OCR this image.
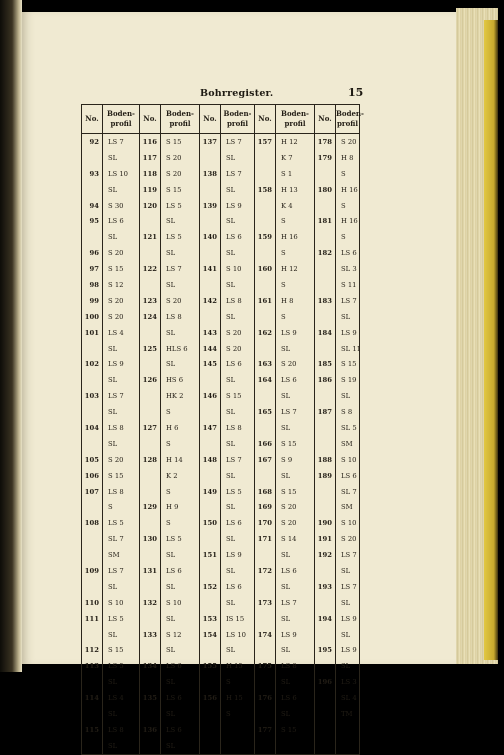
Bohrregister.	15
No.	Boden-profil	No.	Boden-profil	No.	Boden-profil	No.	Boden-profil	No.	Boden-profil
92	LS 7	116	S 15	137	LS 7	157	H 12	178	S 20
	SL	117	S 20		SL		K 7	179	H 8
93	LS 10	118	S 20	138	LS 7		S 1		S
	SL	119	S 15		SL	158	H 13	180	H 16
94	S 30	120	LS 5	139	LS 9		K 4		S
95	LS 6		SL		SL		S	181	H 16
	SL	121	LS 5	140	LS 6	159	H 16		S
96	S 20		SL		SL		S	182	LS 6
97	S 15	122	LS 7	141	S 10	160	H 12		SL 3
98	S 12		SL		SL		S		S 11
99	S 20	123	S 20	142	LS 8	161	H 8	183	LS 7
100	S 20	124	LS 8		SL		S		SL
101	LS 4		SL	143	S 20	162	LS 9	184	LS 9
	SL	125	HLS 6	144	S 20		SL		SL 11
102	LS 9		SL	145	LS 6	163	S 20	185	S 15
	SL	126	HS 6		SL	164	LS 6	186	S 19
103	LS 7		HK 2	146	S 15		SL		SL
	SL		S		SL	165	LS 7	187	S 8
104	LS 8	127	H 6	147	LS 8		SL		SL 5
	SL		S		SL	166	S 15		SM
105	S 20	128	H 14	148	LS 7	167	S 9	188	S 10
106	S 15		K 2		SL		SL	189	LS 6
107	LS 8		S	149	LS 5	168	S 15		SL 7
	S	129	H 9		SL	169	S 20		SM
108	LS 5		S	150	LS 6	170	S 20	190	S 10
	SL 7	130	LS 5		SL	171	S 14	191	S 20
	SM		SL	151	LS 9		SL	192	LS 7
109	LS 7	131	LS 6		SL	172	LS 6		SL
	SL		SL	152	LS 6		SL	193	LS 7
110	S 10	132	S 10		SL	173	LS 7		SL
111	LS 5		SL	153	IS 15		SL	194	LS 9
	SL	133	S 12	154	LS 10	174	LS 9		SL
112	S 15		SL		SL		SL	195	LS 9
113	LS 5	134	LS 6	155	H 15	175	LS 8		SL
	SL		SL		S		SL	196	LS 3
114	LS 4	135	LS 6	156	H 15	176	LS 6		SL 4
	SL		SL		S		SL		TM
115	LS 8	136	LS 6			177	S 15		
	SL		SL						
